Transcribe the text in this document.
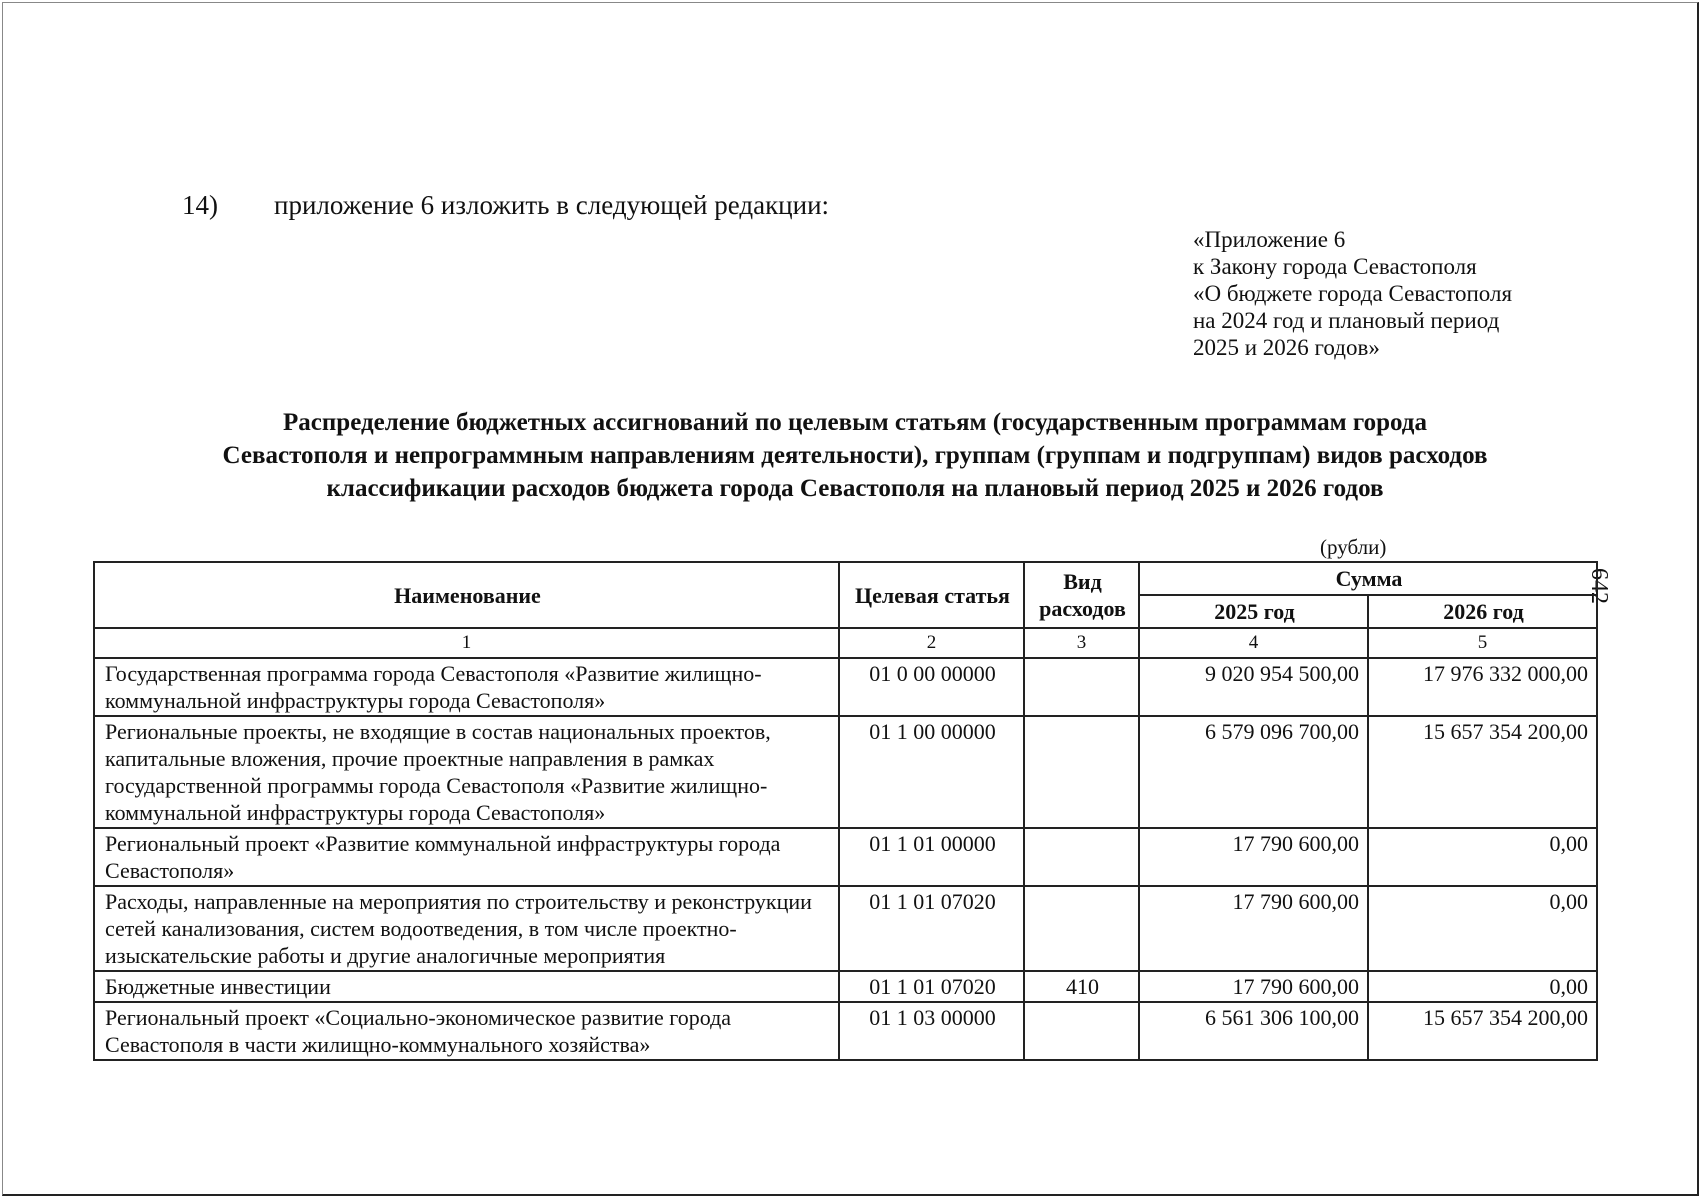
14) приложение 6 изложить в следующей редакции:
«Приложение 6
к Закону города Севастополя
«О бюджете города Севастополя
на 2024 год и плановый период
2025 и 2026 годов»
Распределение бюджетных ассигнований по целевым статьям (государственным программам города
Севастополя и непрограммным направлениям деятельности), группам (группам и подгруппам) видов расходов
классификации расходов бюджета города Севастополя на плановый период 2025 и 2026 годов
(рубли)
642
Наименование	Целевая статья	Вид расходов	Сумма	
			2025 год	2026 год
1	2	3	4	5
Государственная программа города Севастополя «Развитие жилищно-коммунальной инфраструктуры города Севастополя»	01 0 00 00000		9 020 954 500,00	17 976 332 000,00
Региональные проекты, не входящие в состав национальных проектов, капитальные вложения, прочие проектные направления в рамках государственной программы города Севастополя «Развитие жилищно-коммунальной инфраструктуры города Севастополя»	01 1 00 00000		6 579 096 700,00	15 657 354 200,00
Региональный проект «Развитие коммунальной инфраструктуры города Севастополя»	01 1 01 00000		17 790 600,00	0,00
Расходы, направленные на мероприятия по строительству и реконструкции сетей канализования, систем водоотведения, в том числе проектно-изыскательские работы и другие аналогичные мероприятия	01 1 01 07020		17 790 600,00	0,00
Бюджетные инвестиции	01 1 01 07020	410	17 790 600,00	0,00
Региональный проект «Социально-экономическое развитие города Севастополя в части жилищно-коммунального хозяйства»	01 1 03 00000		6 561 306 100,00	15 657 354 200,00
